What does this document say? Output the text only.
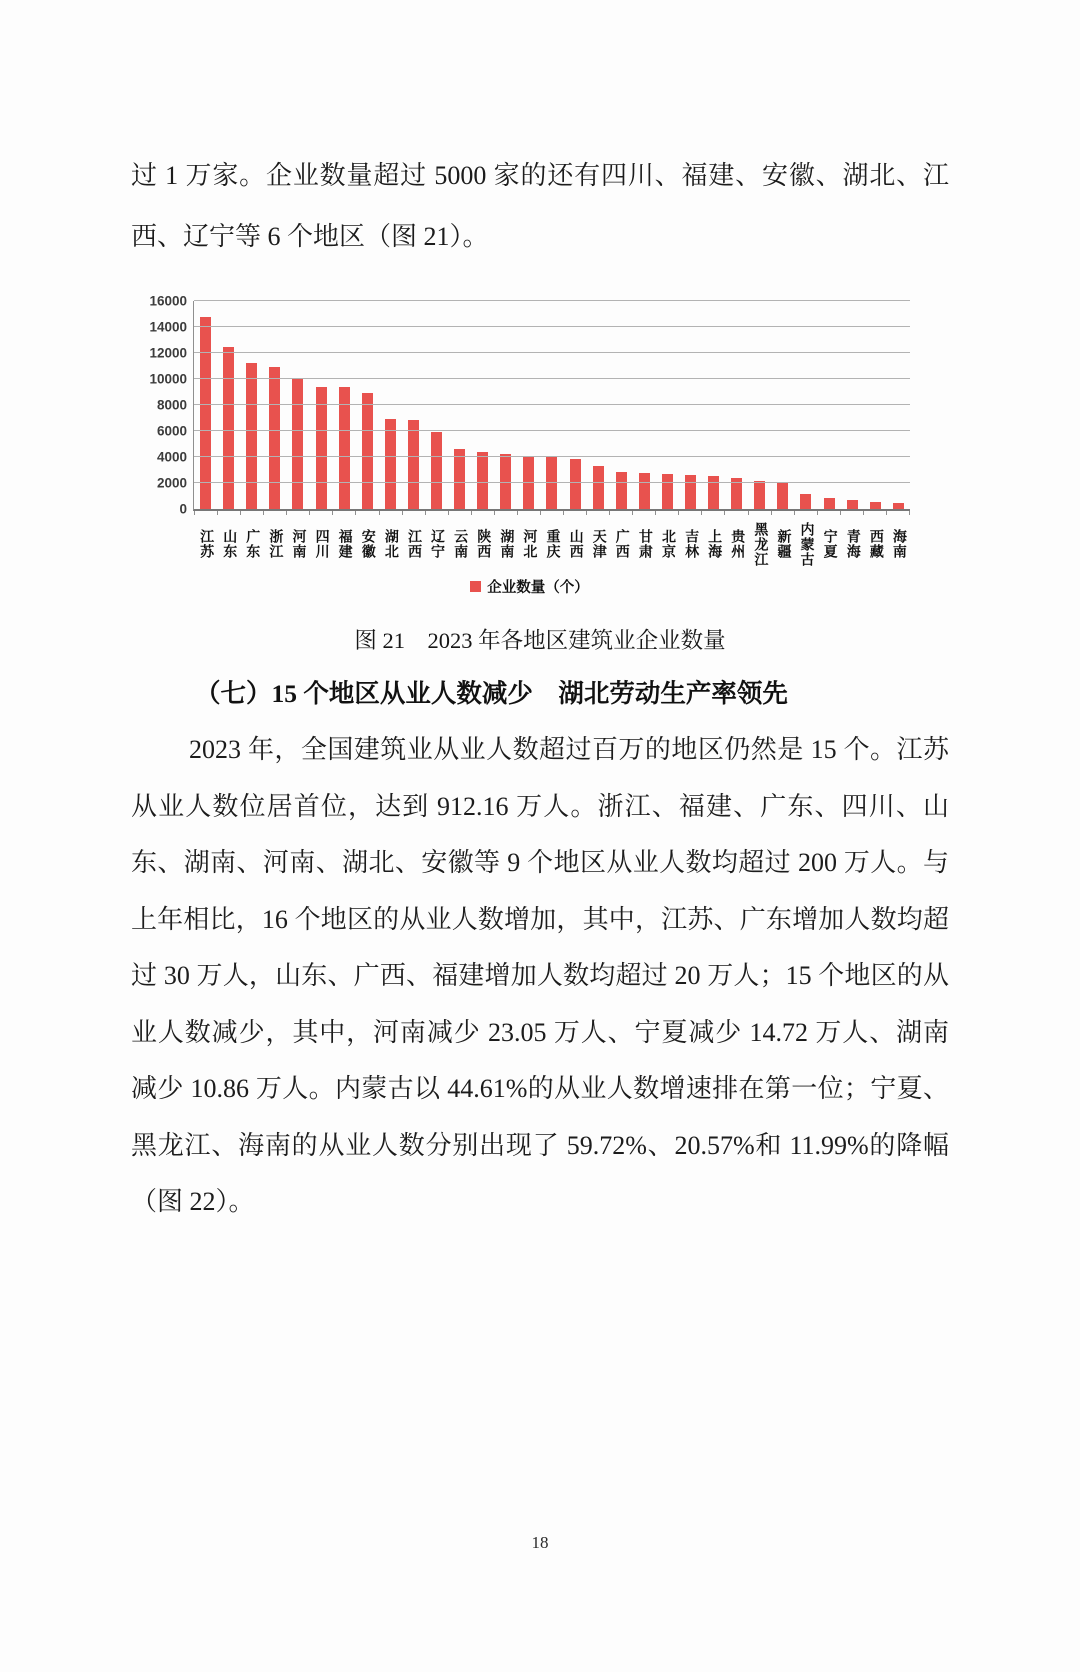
过 1 万家。企业数量超过 5000 家的还有四川、福建、安徽、湖北、江西、辽宁等 6 个地区（图 21）。

0
2000
4000
6000
8000
10000
12000
14000
16000
江苏 山东 广东 浙江 河南 四川 福建 安徽 湖北 江西 辽宁 云南 陕西 湖南 河北 重庆 山西 天津 广西 甘肃 北京 吉林 上海 贵州 黑龙江 新疆 内蒙古 宁夏 青海 西藏 海南
企业数量（个）
图 21　2023 年各地区建筑业企业数量
（七）15 个地区从业人数减少　湖北劳动生产率领先

2023 年，全国建筑业从业人数超过百万的地区仍然是 15 个。江苏从业人数位居首位，达到 912.16 万人。浙江、福建、广东、四川、山东、湖南、河南、湖北、安徽等 9 个地区从业人数均超过 200 万人。与上年相比，16 个地区的从业人数增加，其中，江苏、广东增加人数均超过 30 万人，山东、广西、福建增加人数均超过 20 万人；15 个地区的从业人数减少，其中，河南减少 23.05 万人、宁夏减少 14.72 万人、湖南减少 10.86 万人。内蒙古以 44.61%的从业人数增速排在第一位；宁夏、黑龙江、海南的从业人数分别出现了 59.72%、20.57%和 11.99%的降幅（图 22）。

18
